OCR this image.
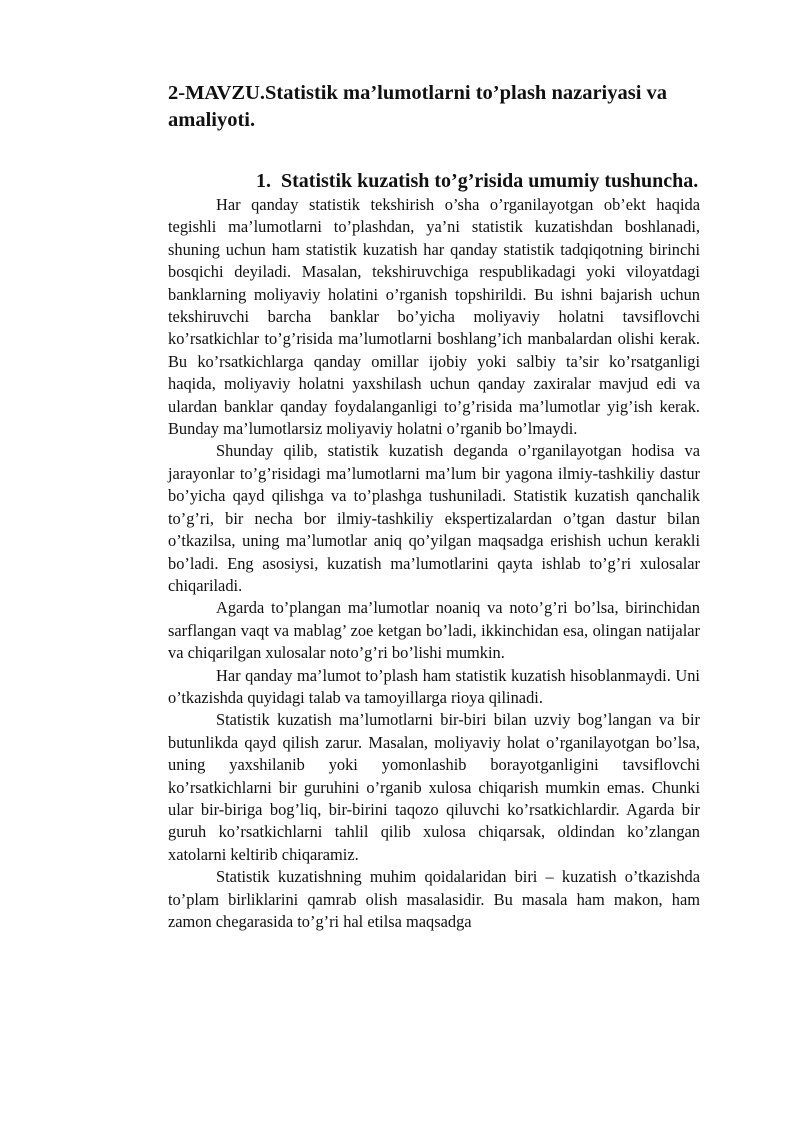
2-MAVZU.Statistik ma’lumotlarni to’plash nazariyasi va amaliyoti.
1. Statistik kuzatish to’g’risida umumiy tushuncha.

Har qanday statistik tekshirish o’sha o’rganilayotgan ob’ekt haqida tegishli ma’lumotlarni to’plashdan, ya’ni statistik kuzatishdan boshlanadi, shuning uchun ham statistik kuzatish har qanday statistik tadqiqotning birinchi bosqichi deyiladi. Masalan, tekshiruvchiga respublikadagi yoki viloyatdagi banklarning moliyaviy holatini o’rganish topshirildi. Bu ishni bajarish uchun tekshiruvchi barcha banklar bo’yicha moliyaviy holatni tavsiflovchi ko’rsatkichlar to’g’risida ma’lumotlarni boshlang’ich manbalardan olishi kerak. Bu ko’rsatkichlarga qanday omillar ijobiy yoki salbiy ta’sir ko’rsatganligi haqida, moliyaviy holatni yaxshilash uchun qanday zaxiralar mavjud edi va ulardan banklar qanday foydalanganligi to’g’risida ma’lumotlar yig’ish kerak. Bunday ma’lumotlarsiz moliyaviy holatni o’rganib bo’lmaydi.

Shunday qilib, statistik kuzatish deganda o’rganilayotgan hodisa va jarayonlar to’g’risidagi ma’lumotlarni ma’lum bir yagona ilmiy-tashkiliy dastur bo’yicha qayd qilishga va to’plashga tushuniladi. Statistik kuzatish qanchalik to’g’ri, bir necha bor ilmiy-tashkiliy ekspertizalardan o’tgan dastur bilan o’tkazilsa, uning ma’lumotlar aniq qo’yilgan maqsadga erishish uchun kerakli bo’ladi. Eng asosiysi, kuzatish ma’lumotlarini qayta ishlab to’g’ri xulosalar chiqariladi.

Agarda to’plangan ma’lumotlar noaniq va noto’g’ri bo’lsa, birinchidan sarflangan vaqt va mablag’ zoe ketgan bo’ladi, ikkinchidan esa, olingan natijalar va chiqarilgan xulosalar noto’g’ri bo’lishi mumkin.

Har qanday ma’lumot to’plash ham statistik kuzatish hisoblanmaydi. Uni o’tkazishda quyidagi talab va tamoyillarga rioya qilinadi.

Statistik kuzatish ma’lumotlarni bir-biri bilan uzviy bog’langan va bir butunlikda qayd qilish zarur. Masalan, moliyaviy holat o’rganilayotgan bo’lsa, uning yaxshilanib yoki yomonlashib borayotganligini tavsiflovchi ko’rsatkichlarni bir guruhini o’rganib xulosa chiqarish mumkin emas. Chunki ular bir-biriga bog’liq, bir-birini taqozo qiluvchi ko’rsatkichlardir. Agarda bir guruh ko’rsatkichlarni tahlil qilib xulosa chiqarsak, oldindan ko’zlangan xatolarni keltirib chiqaramiz.

Statistik kuzatishning muhim qoidalaridan biri – kuzatish o’tkazishda to’plam birliklarini qamrab olish masalasidir. Bu masala ham makon, ham zamon chegarasida to’g’ri hal etilsa maqsadga
